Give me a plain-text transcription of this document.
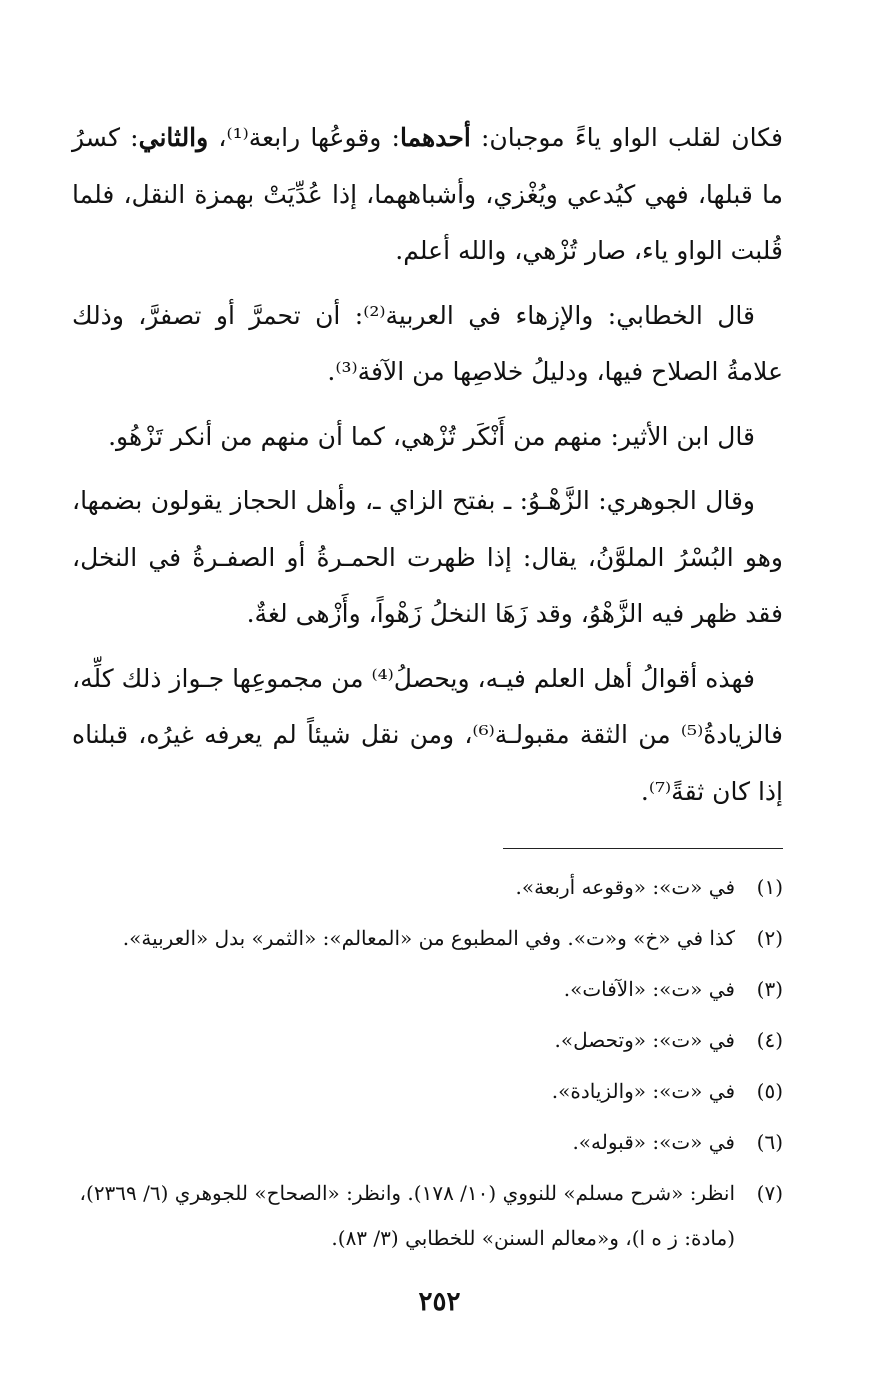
فكان لقلب الواو ياءً موجبان: أحدهما: وقوعُها رابعة⁽¹⁾، والثاني: كسرُ ما قبلها، فهي كيُدعي ويُغْزي، وأشباههما، إذا عُدِّيَتْ بهمزة النقل، فلما قُلبت الواو ياء، صار تُزْهي، والله أعلم.

قال الخطابي: والإزهاء في العربية⁽²⁾: أن تحمرَّ أو تصفرَّ، وذلك علامةُ الصلاح فيها، ودليلُ خلاصِها من الآفة⁽³⁾.

قال ابن الأثير: منهم من أَنْكَر تُزْهي، كما أن منهم من أنكر تَزْهُو.

وقال الجوهري: الزَّهْـوُ: ـ بفتح الزاي ـ، وأهل الحجاز يقولون بضمها، وهو البُسْرُ الملوَّنُ، يقال: إذا ظهرت الحمـرةُ أو الصفـرةُ في النخل، فقد ظهر فيه الزَّهْوُ، وقد زَهَا النخلُ زَهْواً، وأَزْهى لغةٌ.

فهذه أقوالُ أهل العلم فيـه، ويحصلُ⁽⁴⁾ من مجموعِها جـواز ذلك كلِّه، فالزيادةُ⁽⁵⁾ من الثقة مقبولـة⁽⁶⁾، ومن نقل شيئاً لم يعرفه غيرُه، قبلناه إذا كان ثقةً⁽⁷⁾.

(١)
في «ت»: «وقوعه أربعة».
(٢)
كذا في «خ» و«ت». وفي المطبوع من «المعالم»: «الثمر» بدل «العربية».
(٣)
في «ت»: «الآفات».
(٤)
في «ت»: «وتحصل».
(٥)
في «ت»: «والزيادة».
(٦)
في «ت»: «قبوله».
(٧)
انظر: «شرح مسلم» للنووي (١٠/ ١٧٨). وانظر: «الصحاح» للجوهري (٦/ ٢٣٦٩)، (مادة: ز ه ا)، و«معالم السنن» للخطابي (٣/ ٨٣).
٢٥٢
